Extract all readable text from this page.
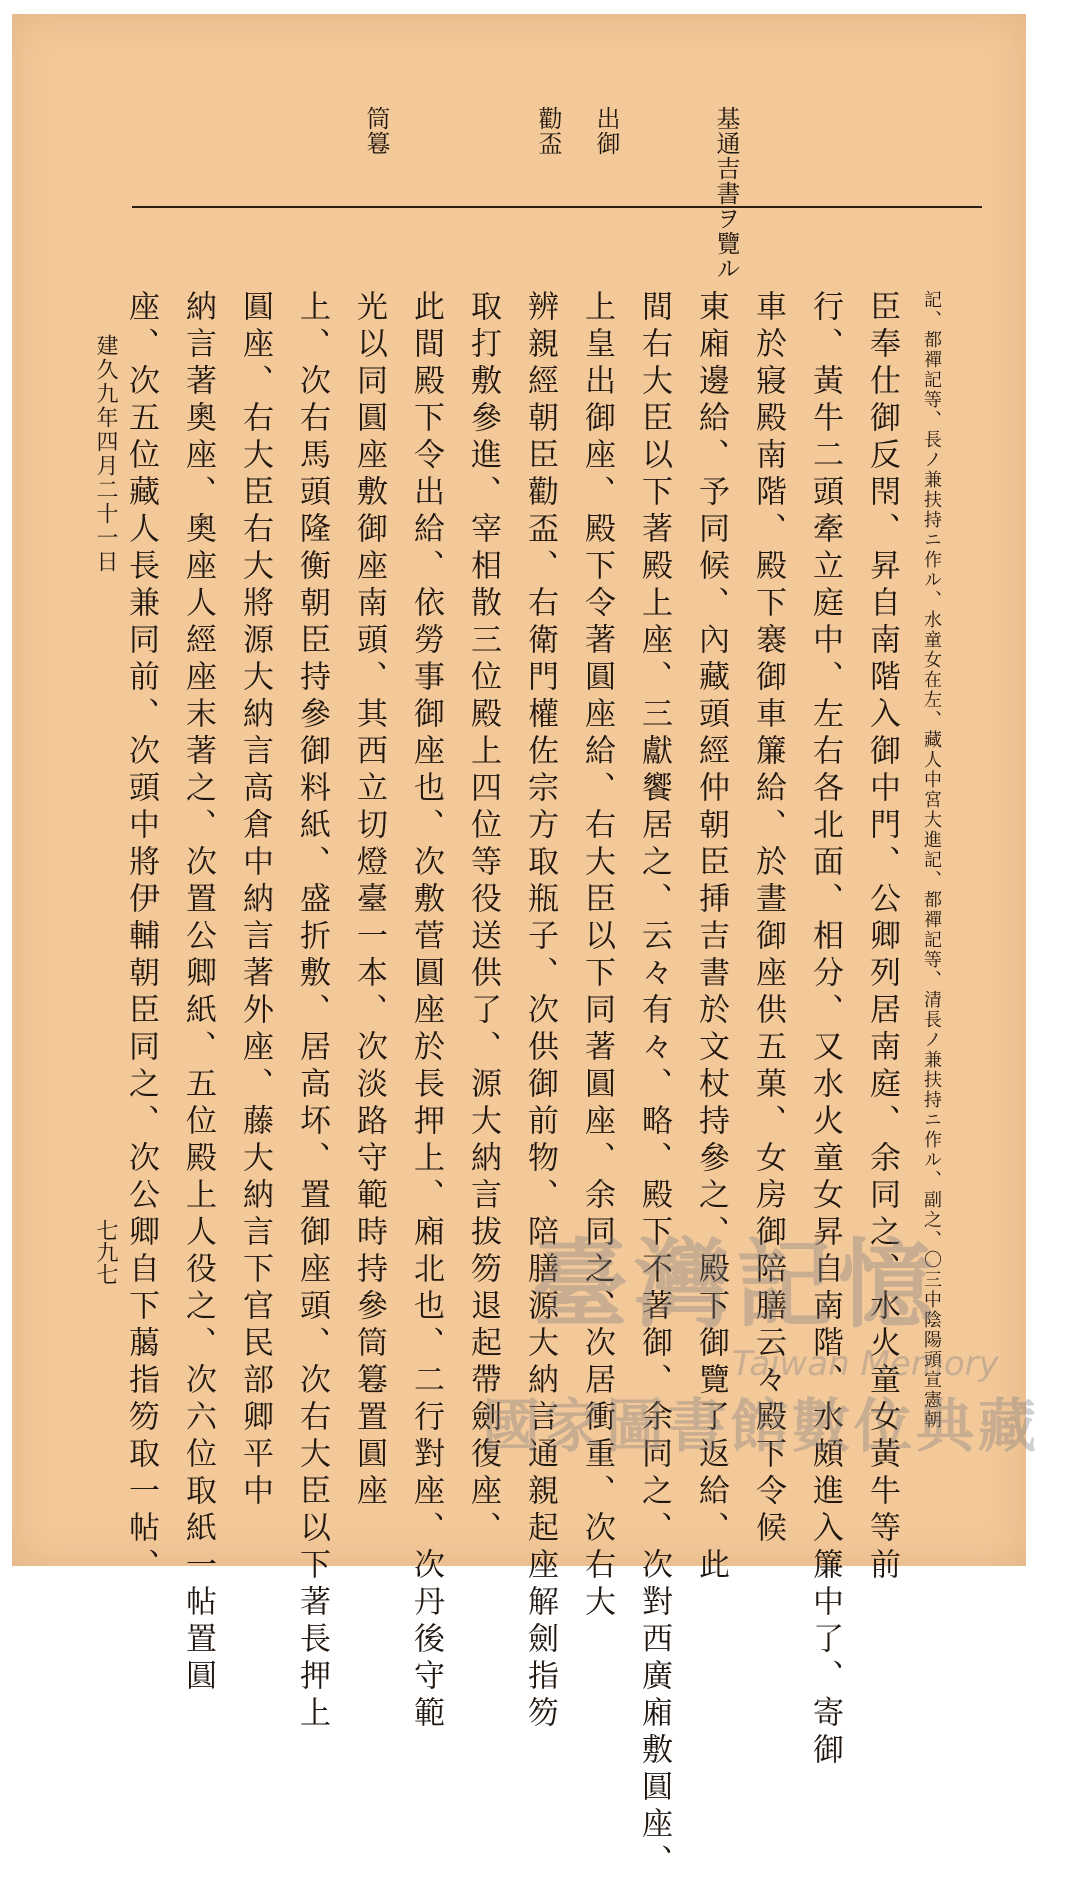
基通吉書ヲ覽ル
出御
勸盃
筒篹
記、都禪記等、長ノ兼扶持ニ作ル、水童女在左、藏人中宮大進記、都禪記等、清長ノ兼扶持ニ作ル、副之、〇三中陰陽頭宣憲朝
臣奉仕御反閇、昇自南階入御中門、公卿列居南庭、余同之、水火童女黃牛等前
行、黃牛二頭牽立庭中、左右各北面、相分、又水火童女昇自南階、水頗進入簾中了、寄御
車於寢殿南階、殿下褰御車簾給、於晝御座供五菓、女房御陪膳云々殿下令候
東廂邊給、予同候、內藏頭經仲朝臣挿吉書於文杖持參之、殿下御覽了返給、此
間右大臣以下著殿上座、三獻饗居之、云々有々、略、殿下不著御、余同之、次對西廣廂敷圓座、
上皇出御座、殿下令著圓座給、右大臣以下同著圓座、余同之、次居衝重、次右大
辨親經朝臣勸盃、右衛門權佐宗方取瓶子、次供御前物、陪膳源大納言通親起座解劍指笏
取打敷參進、宰相散三位殿上四位等役送供了、源大納言拔笏退起帶劍復座、
此間殿下令出給、依勞事御座也、次敷菅圓座於長押上、廂北也、二行對座、次丹後守範
光以同圓座敷御座南頭、其西立切燈臺一本、次淡路守範時持參筒篹置圓座
上、次右馬頭隆衡朝臣持參御料紙、盛折敷、居高坏、置御座頭、次右大臣以下著長押上
圓座、右大臣右大將源大納言高倉中納言著外座、藤大納言下官民部卿平中
納言著奧座、奧座人經座末著之、次置公卿紙、五位殿上人役之、次六位取紙一帖置圓
座、次五位藏人長兼同前、次頭中將伊輔朝臣同之、次公卿自下﨟指笏取一帖、
建久九年四月二十一日
七九七	臺灣記憶
Taiwan Memory
國家圖書館數位典藏
